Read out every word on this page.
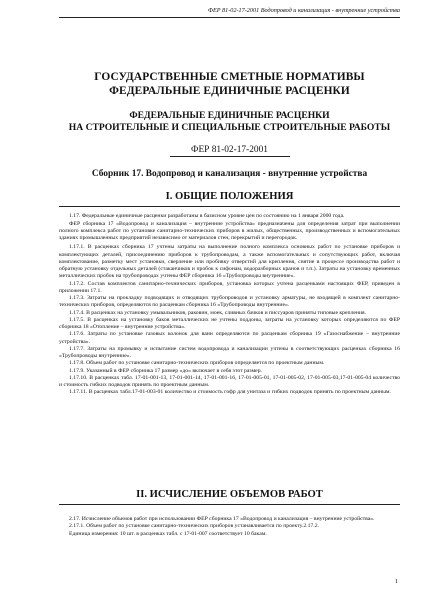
ФЕР 81-02-17-2001 Водопровод и канализация - внутренние устройства

ГОСУДАРСТВЕННЫЕ СМЕТНЫЕ НОРМАТИВЫ

ФЕДЕРАЛЬНЫЕ ЕДИНИЧНЫЕ РАСЦЕНКИ

ФЕДЕРАЛЬНЫЕ ЕДИНИЧНЫЕ РАСЦЕНКИ

НА СТРОИТЕЛЬНЫЕ И СПЕЦИАЛЬНЫЕ СТРОИТЕЛЬНЫЕ РАБОТЫ

ФЕР 81-02-17-2001

Сборник 17. Водопровод и канализация - внутренние устройства

I. ОБЩИЕ ПОЛОЖЕНИЯ

1.17. Федеральные единичные расценки разработаны в базисном уровне цен по состоянию на 1 января 2000 года.

ФЕР сборника 17 «Водопровод и канализация – внутренние устройства» предназначены для определения затрат при выполнении полного комплекса работ по установке санитарно-технических приборов в жилых, общественных, производственных и вспомогательных зданиях промышленных предприятий независимо от материалов стен, перекрытий и перегородок.

1.17.1. В расценках сборника 17 учтены затраты на выполнение полного комплекса основных работ по установке приборов и комплектующих деталей, присоединению приборов к трубопроводам, а также вспомогательных и сопутствующих работ, включая комплектование, разметку мест установки, сверление или пробивку отверстий для крепления, снятие в процессе производства работ и обратную установку отдельных деталей (стаканчиков и пробок к сифонам, водоразборных кранов и т.п.). Затраты на установку временных металлических пробок на трубопроводах учтены ФЕР сборника 16 «Трубопроводы внутренние».

1.17.2. Состав комплектов санитарно-технических приборов, установка которых учтена расценками настоящих ФЕР, приведен в приложении 17.1.

1.17.3. Затраты на прокладку подводящих и отводящих трубопроводов и установку арматуры, не входящей в комплект санитарно-технических приборов, определяются по расценкам сборника 16 «Трубопроводы внутренние».

1.17.4. В расценках на установку умывальников, раковин, моек, сливных бачков и писсуаров приняты типовые крепления.

1.17.5. В расценках на установку баков металлических не учтены поддоны, затраты на установку которых определяются по ФЕР сборника 18 «Отопление – внутренние устройства».

1.17.6. Затраты по установке газовых колонок для ванн определяются по расценкам сборника 19 «Газоснабжение – внутренние устройства».

1.17.7. Затраты на промывку и испытание систем водопровода и канализации учтены в соответствующих расценках сборника 16 «Трубопроводы внутренние».

1.17.8. Объем работ по установке санитарно-технических приборов определяется по проектным данным.

1.17.9. Указанный в ФЕР сборника 17 размер «до» включает в себя этот размер.

1.17.10. В расценках табл. 17-01-001-13, 17-01-001-14, 17-01-001-16, 17-01-005-01, 17-01-005-02, 17-01-005-03,17-01-005-04 количество и стоимость гибких подводок принять по проектным данным.

1.17.11. В расценках табл.17-01-003-01 количество и стоимость гофр для унитаза и гибких подводок принять по проектным данным.

II. ИСЧИСЛЕНИЕ ОБЪЕМОВ РАБОТ

2.17. Исчисление объемов работ при использовании ФЕР сборника 17 «Водопровод и канализация – внутренние устройства».

2.17.1. Объем работ по установке санитарно-технических приборов устанавливается по проекту.2.17.2.

Единица измерения: 10 шт. в расценках табл. с 17-01-007 соответствует 10 бакам.

1
